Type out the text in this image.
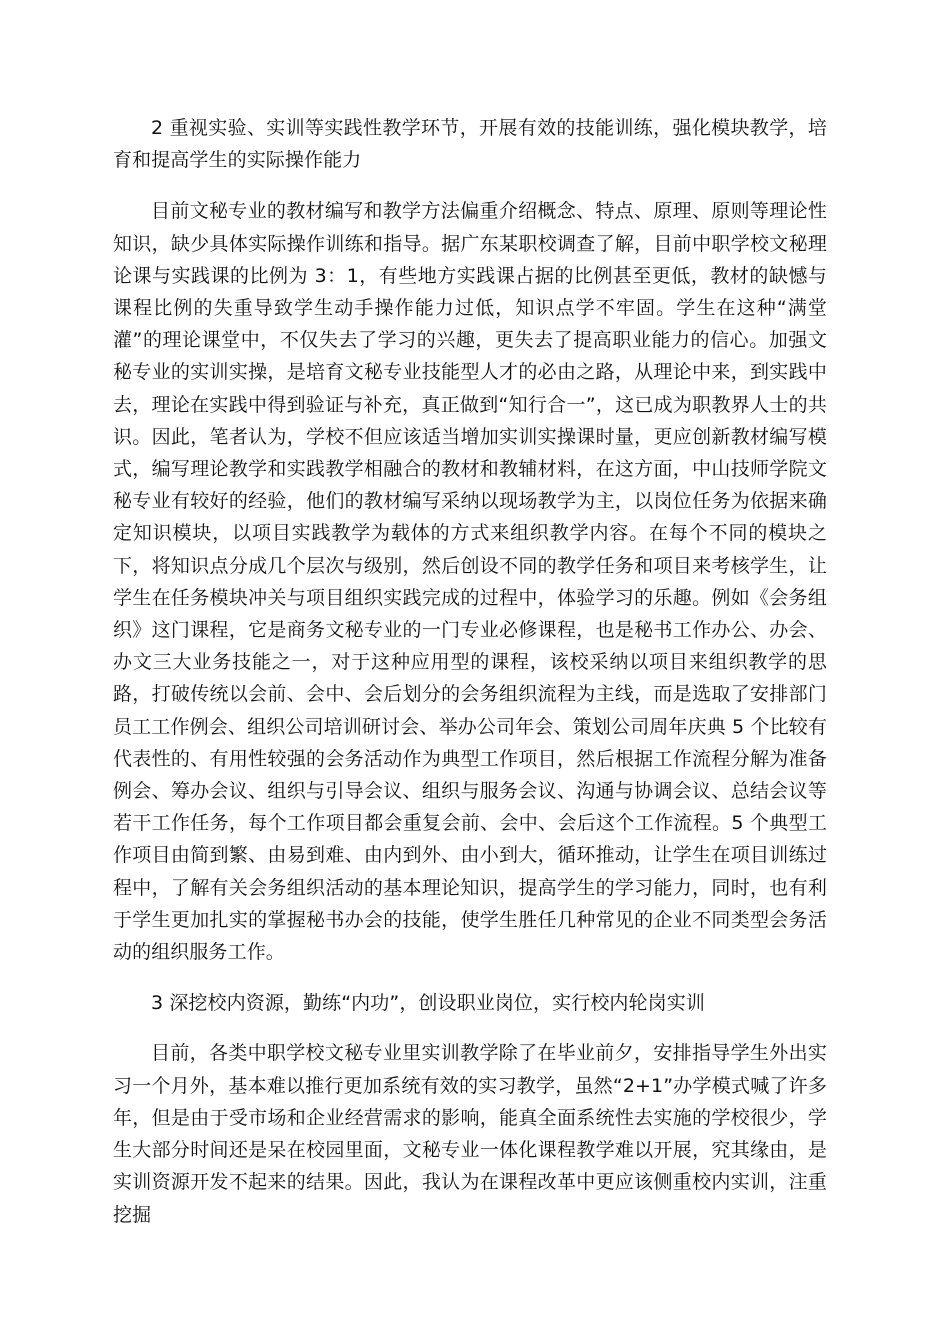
2 重视实验、实训等实践性教学环节，开展有效的技能训练，强化模块教学，培育和提高学生的实际操作能力

目前文秘专业的教材编写和教学方法偏重介绍概念、特点、原理、原则等理论性知识，缺少具体实际操作训练和指导。据广东某职校调查了解，目前中职学校文秘理论课与实践课的比例为 3：1，有些地方实践课占据的比例甚至更低，教材的缺憾与课程比例的失重导致学生动手操作能力过低，知识点学不牢固。学生在这种“满堂灌”的理论课堂中，不仅失去了学习的兴趣，更失去了提高职业能力的信心。加强文秘专业的实训实操，是培育文秘专业技能型人才的必由之路，从理论中来，到实践中去，理论在实践中得到验证与补充，真正做到“知行合一”，这已成为职教界人士的共识。因此，笔者认为，学校不但应该适当增加实训实操课时量，更应创新教材编写模式，编写理论教学和实践教学相融合的教材和教辅材料，在这方面，中山技师学院文秘专业有较好的经验，他们的教材编写采纳以现场教学为主，以岗位任务为依据来确定知识模块，以项目实践教学为载体的方式来组织教学内容。在每个不同的模块之下，将知识点分成几个层次与级别，然后创设不同的教学任务和项目来考核学生，让学生在任务模块冲关与项目组织实践完成的过程中，体验学习的乐趣。例如《会务组织》这门课程，它是商务文秘专业的一门专业必修课程，也是秘书工作办公、办会、办文三大业务技能之一，对于这种应用型的课程，该校采纳以项目来组织教学的思路，打破传统以会前、会中、会后划分的会务组织流程为主线，而是选取了安排部门员工工作例会、组织公司培训研讨会、举办公司年会、策划公司周年庆典 5 个比较有代表性的、有用性较强的会务活动作为典型工作项目，然后根据工作流程分解为准备例会、筹办会议、组织与引导会议、组织与服务会议、沟通与协调会议、总结会议等若干工作任务，每个工作项目都会重复会前、会中、会后这个工作流程。5 个典型工作项目由简到繁、由易到难、由内到外、由小到大，循环推动，让学生在项目训练过程中，了解有关会务组织活动的基本理论知识，提高学生的学习能力，同时，也有利于学生更加扎实的掌握秘书办会的技能，使学生胜任几种常见的企业不同类型会务活动的组织服务工作。

3 深挖校内资源，勤练“内功”，创设职业岗位，实行校内轮岗实训

目前，各类中职学校文秘专业里实训教学除了在毕业前夕，安排指导学生外出实习一个月外，基本难以推行更加系统有效的实习教学，虽然“2+1”办学模式喊了许多年，但是由于受市场和企业经营需求的影响，能真全面系统性去实施的学校很少，学生大部分时间还是呆在校园里面，文秘专业一体化课程教学难以开展，究其缘由，是实训资源开发不起来的结果。因此，我认为在课程改革中更应该侧重校内实训，注重挖掘
